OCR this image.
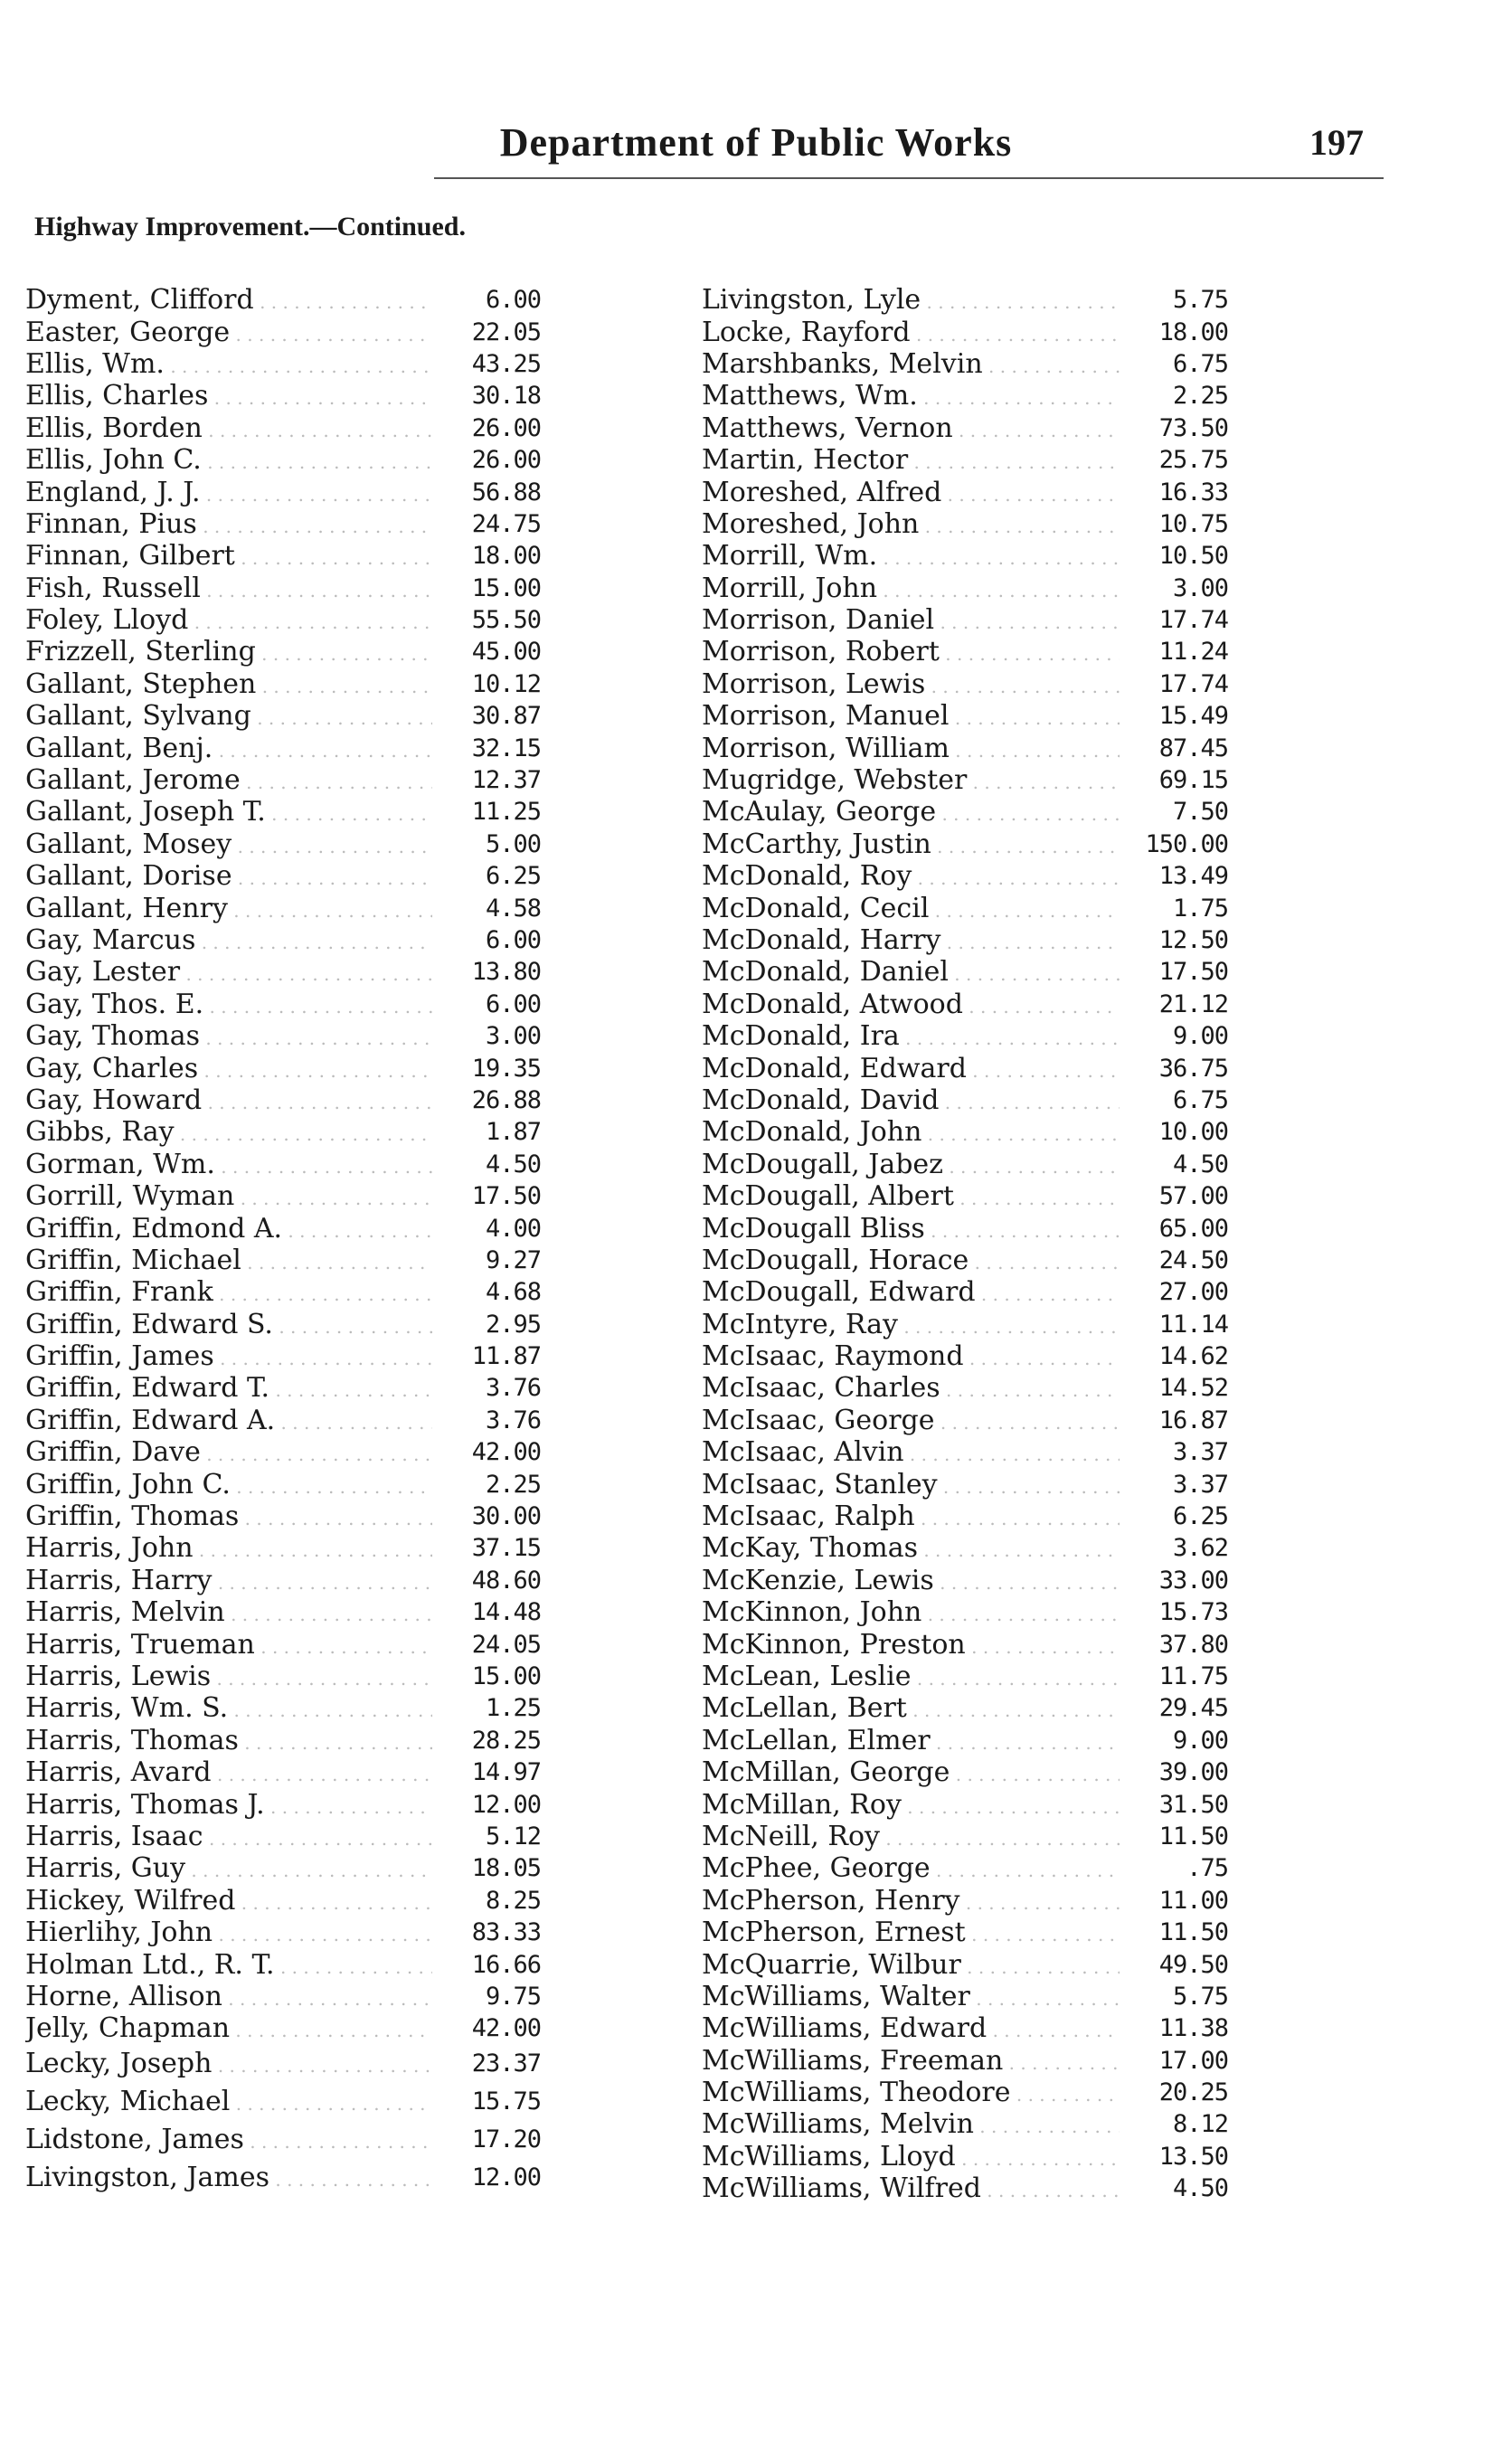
Department of Public Works	197
Highway Improvement.—Continued.
Dyment, Clifford . . .	6.00
Easter, George . . .	22.05
Ellis, Wm. . . .	43.25
Ellis, Charles . . .	30.18
Ellis, Borden . . .	26.00
Ellis, John C. . . .	26.00
England, J. J. . . .	56.88
Finnan, Pius . . .	24.75
Finnan, Gilbert . . .	18.00
Fish, Russell . . .	15.00
Foley, Lloyd . . .	55.50
Frizzell, Sterling . . .	45.00
Gallant, Stephen . . .	10.12
Gallant, Sylvang . . .	30.87
Gallant, Benj. . . .	32.15
Gallant, Jerome . . .	12.37
Gallant, Joseph T. . . .	11.25
Gallant, Mosey . . .	5.00
Gallant, Dorise . . .	6.25
Gallant, Henry . . .	4.58
Gay, Marcus . . .	6.00
Gay, Lester . . .	13.80
Gay, Thos. E. . . .	6.00
Gay, Thomas . . .	3.00
Gay, Charles . . .	19.35
Gay, Howard . . .	26.88
Gibbs, Ray . . .	1.87
Gorman, Wm. . . .	4.50
Gorrill, Wyman . . .	17.50
Griffin, Edmond A. . . .	4.00
Griffin, Michael . . .	9.27
Griffin, Frank . . .	4.68
Griffin, Edward S. . . .	2.95
Griffin, James . . .	11.87
Griffin, Edward T. . . .	3.76
Griffin, Edward A. . . .	3.76
Griffin, Dave . . .	42.00
Griffin, John C. . . .	2.25
Griffin, Thomas . . .	30.00
Harris, John . . .	37.15
Harris, Harry . . .	48.60
Harris, Melvin . . .	14.48
Harris, Trueman . . .	24.05
Harris, Lewis . . .	15.00
Harris, Wm. S. . . .	1.25
Harris, Thomas . . .	28.25
Harris, Avard . . .	14.97
Harris, Thomas J. . . .	12.00
Harris, Isaac . . .	5.12
Harris, Guy . . .	18.05
Hickey, Wilfred . . .	8.25
Hierlihy, John . . .	83.33
Holman Ltd., R. T. . . .	16.66
Horne, Allison . . .	9.75
Jelly, Chapman . . .	42.00
Lecky, Joseph . . .	23.37
Lecky, Michael . . .	15.75
Lidstone, James . . .	17.20
Livingston, James . . .	12.00
Livingston, Lyle . . .	5.75
Locke, Rayford . . .	18.00
Marshbanks, Melvin . . .	6.75
Matthews, Wm. . . .	2.25
Matthews, Vernon . . .	73.50
Martin, Hector . . .	25.75
Moreshed, Alfred . . .	16.33
Moreshed, John . . .	10.75
Morrill, Wm. . . .	10.50
Morrill, John . . .	3.00
Morrison, Daniel . . .	17.74
Morrison, Robert . . .	11.24
Morrison, Lewis . . .	17.74
Morrison, Manuel . . .	15.49
Morrison, William . . .	87.45
Mugridge, Webster . . .	69.15
McAulay, George . . .	7.50
McCarthy, Justin . . .	150.00
McDonald, Roy . . .	13.49
McDonald, Cecil . . .	1.75
McDonald, Harry . . .	12.50
McDonald, Daniel . . .	17.50
McDonald, Atwood . . .	21.12
McDonald, Ira . . .	9.00
McDonald, Edward . . .	36.75
McDonald, David . . .	6.75
McDonald, John . . .	10.00
McDougall, Jabez . . .	4.50
McDougall, Albert . . .	57.00
McDougall Bliss . . .	65.00
McDougall, Horace . . .	24.50
McDougall, Edward . . .	27.00
McIntyre, Ray . . .	11.14
McIsaac, Raymond . . .	14.62
McIsaac, Charles . . .	14.52
McIsaac, George . . .	16.87
McIsaac, Alvin . . .	3.37
McIsaac, Stanley . . .	3.37
McIsaac, Ralph . . .	6.25
McKay, Thomas . . .	3.62
McKenzie, Lewis . . .	33.00
McKinnon, John . . .	15.73
McKinnon, Preston . . .	37.80
McLean, Leslie . . .	11.75
McLellan, Bert . . .	29.45
McLellan, Elmer . . .	9.00
McMillan, George . . .	39.00
McMillan, Roy . . .	31.50
McNeill, Roy . . .	11.50
McPhee, George . . .	.75
McPherson, Henry . . .	11.00
McPherson, Ernest . . .	11.50
McQuarrie, Wilbur . . .	49.50
McWilliams, Walter . . .	5.75
McWilliams, Edward . . .	11.38
McWilliams, Freeman . . .	17.00
McWilliams, Theodore . . .	20.25
McWilliams, Melvin . . .	8.12
McWilliams, Lloyd . . .	13.50
McWilliams, Wilfred . . .	4.50
